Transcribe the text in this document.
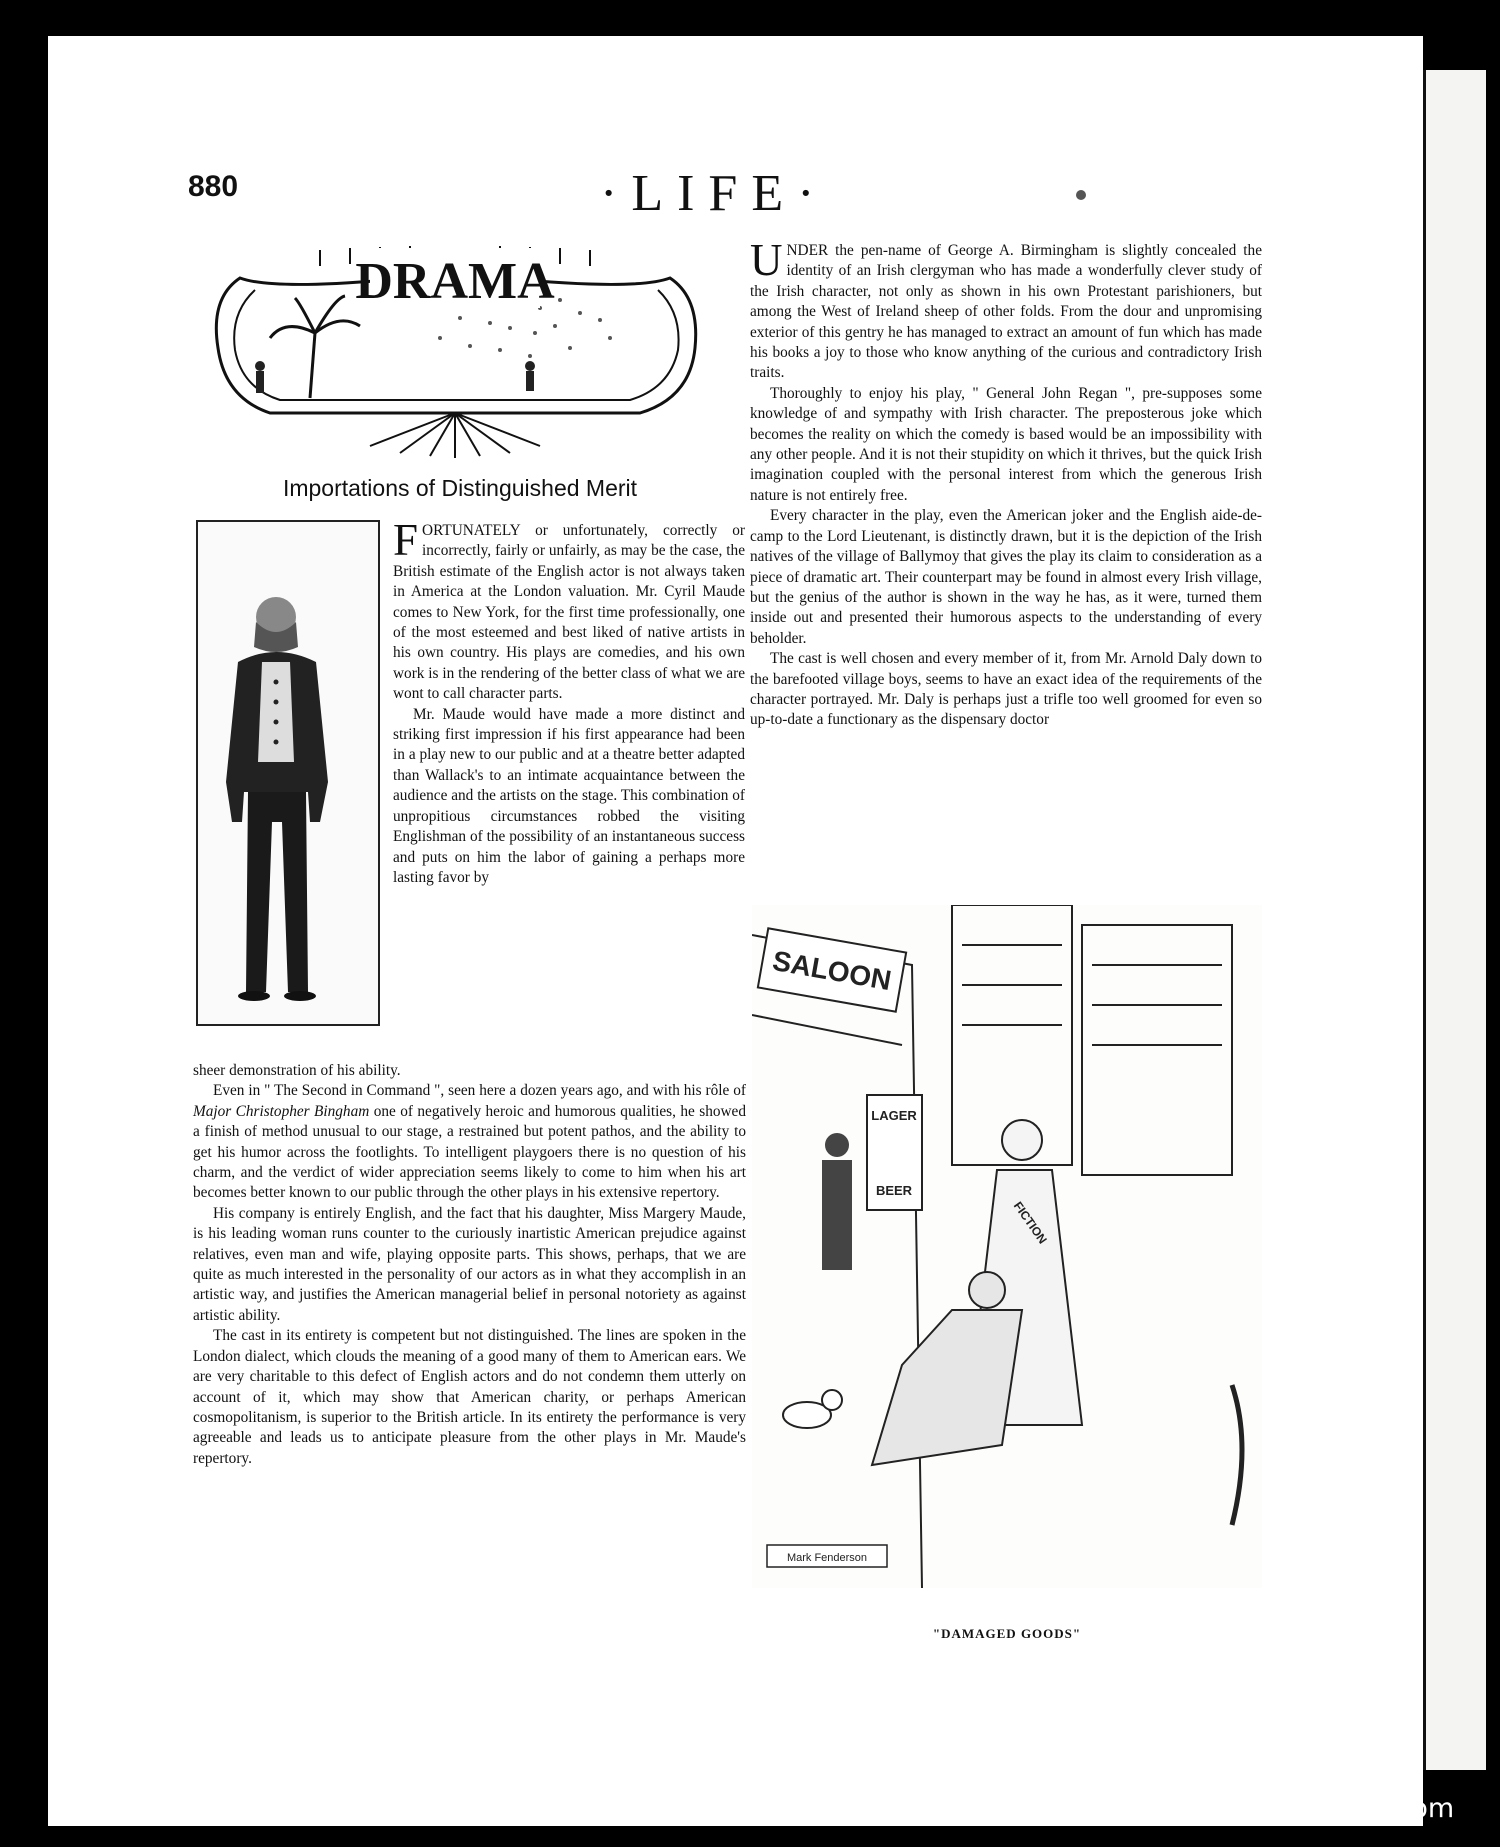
880	·LIFE·
DRAMA
Importations of Distinguished Merit

FORTUNATELY or unfortunately, correctly or incorrectly, fairly or unfairly, as may be the case, the British estimate of the English actor is not always taken in America at the London valuation. Mr. Cyril Maude comes to New York, for the first time professionally, one of the most esteemed and best liked of native artists in his own country. His plays are comedies, and his own work is in the rendering of the better class of what we are wont to call character parts.

Mr. Maude would have made a more distinct and striking first impression if his first appearance had been in a play new to our public and at a theatre better adapted than Wallack's to an intimate acquaintance between the audience and the artists on the stage. This combination of unpropitious circumstances robbed the visiting Englishman of the possibility of an instantaneous success and puts on him the labor of gaining a perhaps more lasting favor by

sheer demonstration of his ability.

Even in " The Second in Command ", seen here a dozen years ago, and with his rôle of Major Christopher Bingham one of negatively heroic and humorous qualities, he showed a finish of method unusual to our stage, a restrained but potent pathos, and the ability to get his humor across the footlights. To intelligent playgoers there is no question of his charm, and the verdict of wider appreciation seems likely to come to him when his art becomes better known to our public through the other plays in his extensive repertory.

His company is entirely English, and the fact that his daughter, Miss Margery Maude, is his leading woman runs counter to the curiously inartistic American prejudice against relatives, even man and wife, playing opposite parts. This shows, perhaps, that we are quite as much interested in the personality of our actors as in what they accomplish in an artistic way, and justifies the American managerial belief in personal notoriety as against artistic ability.

The cast in its entirety is competent but not distinguished. The lines are spoken in the London dialect, which clouds the meaning of a good many of them to American ears. We are very charitable to this defect of English actors and do not condemn them utterly on account of it, which may show that American charity, or perhaps American cosmopolitanism, is superior to the British article. In its entirety the performance is very agreeable and leads us to anticipate pleasure from the other plays in Mr. Maude's repertory.

UNDER the pen-name of George A. Birmingham is slightly concealed the identity of an Irish clergyman who has made a wonderfully clever study of the Irish character, not only as shown in his own Protestant parishioners, but among the West of Ireland sheep of other folds. From the dour and unpromising exterior of this gentry he has managed to extract an amount of fun which has made his books a joy to those who know anything of the curious and contradictory Irish traits.

Thoroughly to enjoy his play, " General John Regan ", pre-supposes some knowledge of and sympathy with Irish character. The preposterous joke which becomes the reality on which the comedy is based would be an impossibility with any other people. And it is not their stupidity on which it thrives, but the quick Irish imagination coupled with the personal interest from which the generous Irish nature is not entirely free.

Every character in the play, even the American joker and the English aide-de-camp to the Lord Lieutenant, is distinctly drawn, but it is the depiction of the Irish natives of the village of Ballymoy that gives the play its claim to consideration as a piece of dramatic art. Their counterpart may be found in almost every Irish village, but the genius of the author is shown in the way he has, as it were, turned them inside out and presented their humorous aspects to the understanding of every beholder.

The cast is well chosen and every member of it, from Mr. Arnold Daly down to the barefooted village boys, seems to have an exact idea of the requirements of the character portrayed. Mr. Daly is perhaps just a trifle too well groomed for even so up-to-date a functionary as the dispensary doctor

SALOON
LAGER
BEER
FICTION
Mark Fenderson
"DAMAGED GOODS"
comicbooks.com
